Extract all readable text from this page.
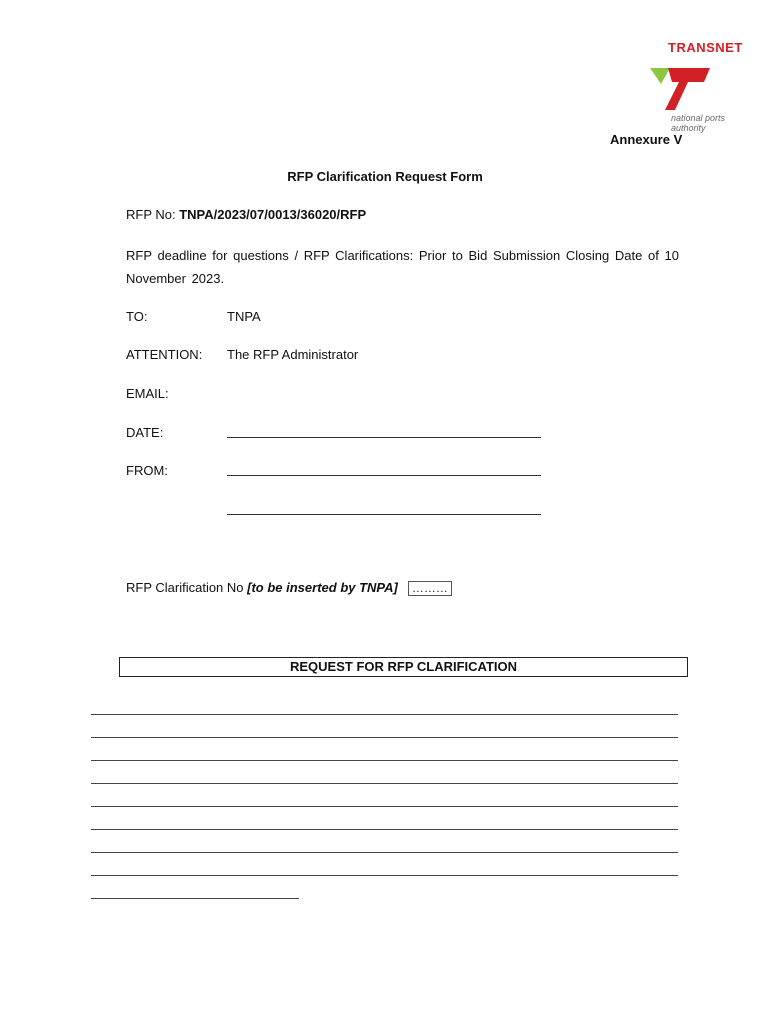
TRANSNET
national ports
authority
Annexure V
RFP Clarification Request Form
RFP No: TNPA/2023/07/0013/36020/RFP
RFP deadline for questions / RFP Clarifications: Prior to Bid Submission Closing Date of 10 November 2023.
TO:	TNPA
ATTENTION: The RFP Administrator
EMAIL:
DATE:
FROM:
RFP Clarification No [to be inserted by TNPA] ………
REQUEST FOR RFP CLARIFICATION
